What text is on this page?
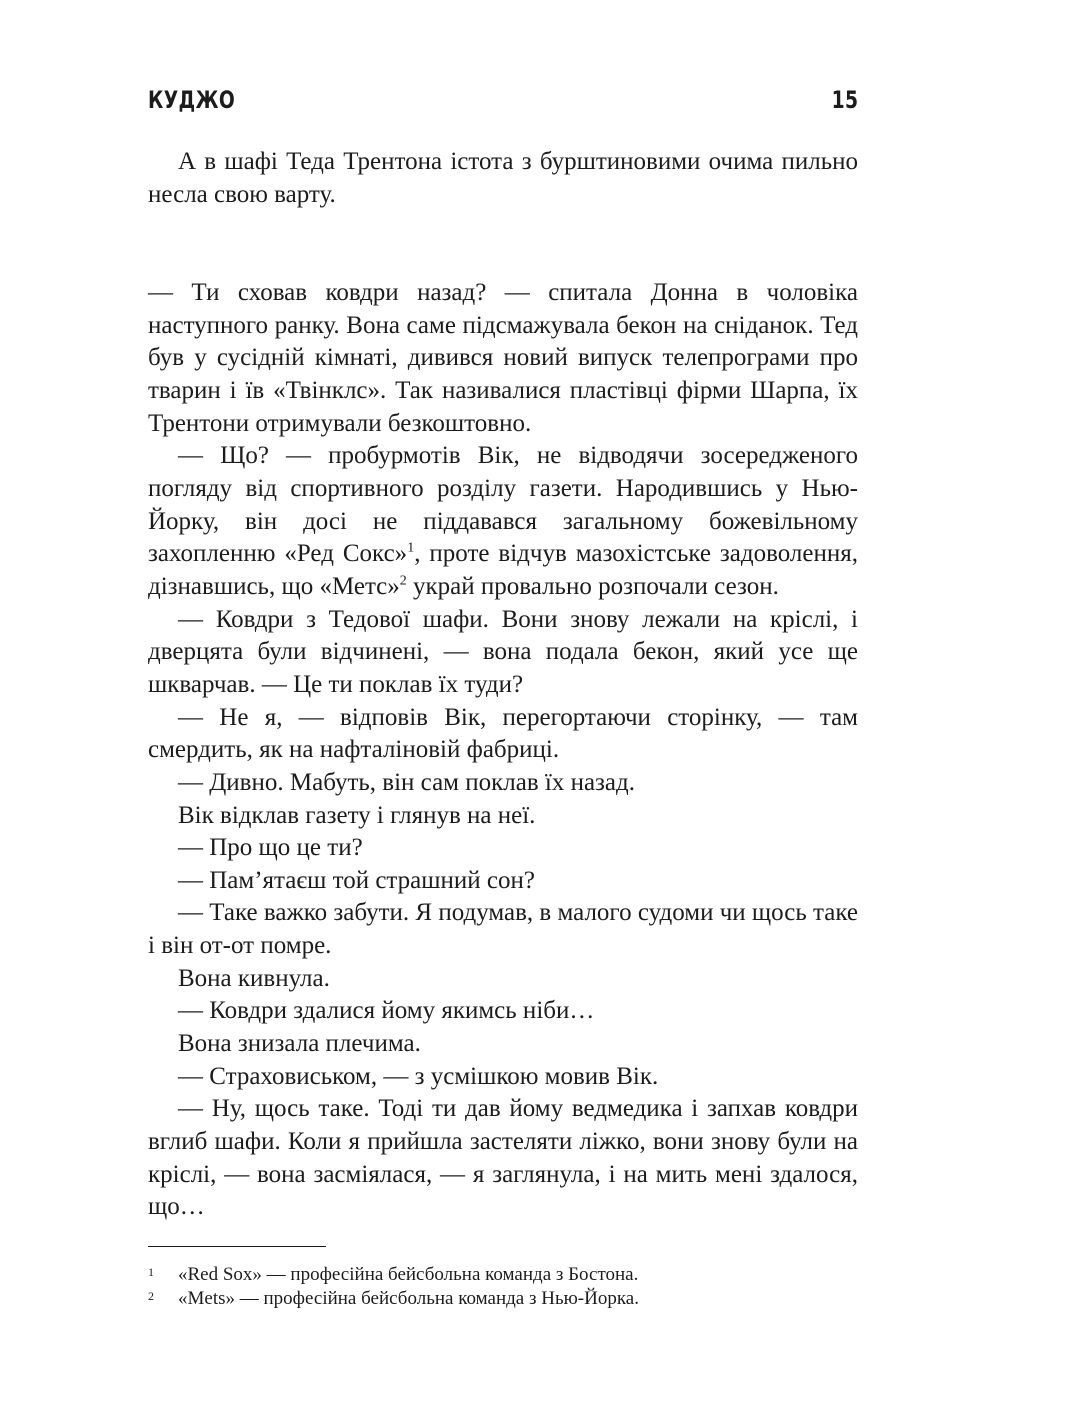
КУДЖО	15

А в шафі Теда Трентона істота з бурштиновими очима пильно несла свою варту.

— Ти сховав ковдри назад? — спитала Донна в чоловіка наступного ранку. Вона саме підсмажувала бекон на сніданок. Тед був у сусідній кімнаті, дивився новий випуск телепрограми про тварин і їв «Твінклс». Так називалися пластівці фірми Шарпа, їх Трентони отримували безкоштовно.

— Що? — пробурмотів Вік, не відводячи зосередженого погляду від спортивного розділу газети. Народившись у Нью-Йорку, він досі не піддавався загальному божевільному захопленню «Ред Сокс»$^1$, проте відчув мазохістське задоволення, дізнавшись, що «Метс»$^2$ украй провально розпочали сезон.

— Ковдри з Тедової шафи. Вони знову лежали на кріслі, і дверцята були відчинені, — вона подала бекон, який усе ще шкварчав. — Це ти поклав їх туди?

— Не я, — відповів Вік, перегортаючи сторінку, — там смердить, як на нафталіновій фабриці.

— Дивно. Мабуть, він сам поклав їх назад.

Вік відклав газету і глянув на неї.

— Про що це ти?

— Пам’ятаєш той страшний сон?

— Таке важко забути. Я подумав, в малого судоми чи щось таке і він от-от помре.

Вона кивнула.

— Ковдри здалися йому якимсь ніби…

Вона знизала плечима.

— Страховиськом, — з усмішкою мовив Вік.

— Ну, щось таке. Тоді ти дав йому ведмедика і запхав ковдри вглиб шафи. Коли я прийшла застеляти ліжко, вони знову були на кріслі, — вона засміялася, — я заглянула, і на мить мені здалося, що…

1 «Red Sox» — професійна бейсбольна команда з Бостона.
2 «Mets» — професійна бейсбольна команда з Нью-Йорка.
